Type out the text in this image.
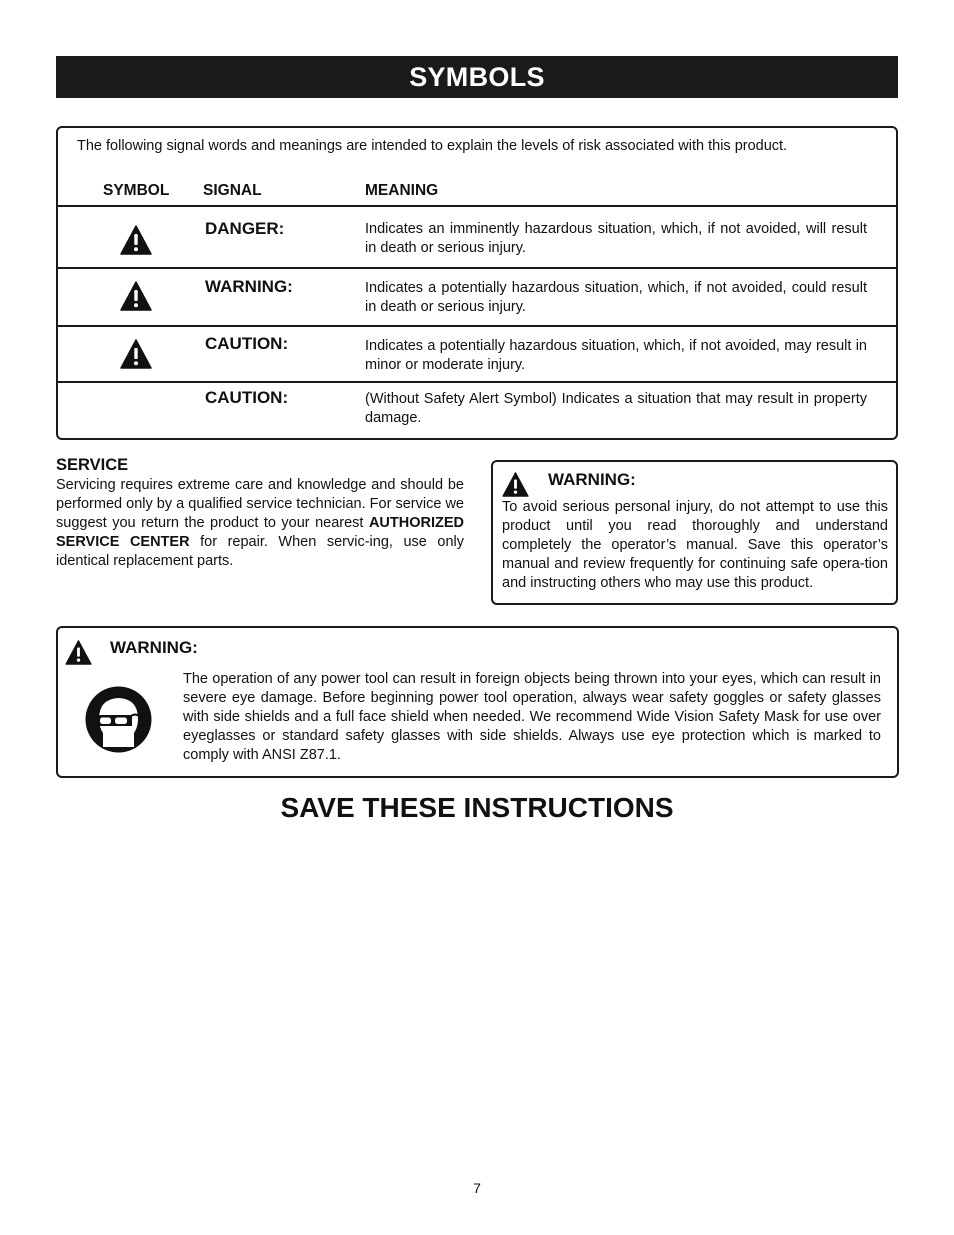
SYMBOLS
The following signal words and meanings are intended to explain the levels of risk associated with this product.
SYMBOL SIGNAL	MEANING
DANGER:	Indicates an imminently hazardous situation, which, if not avoided, will result in death or serious injury.
WARNING:	Indicates a potentially hazardous situation, which, if not avoided, could result in death or serious injury.
CAUTION:	Indicates a potentially hazardous situation, which, if not avoided, may result in minor or moderate injury.
CAUTION:	(Without Safety Alert Symbol) Indicates a situation that may result in property damage.
SERVICE
Servicing requires extreme care and knowledge and should be performed only by a qualified service technician. For service we suggest you return the product to your nearest AUTHORIZED SERVICE CENTER for repair. When servic-ing, use only identical replacement parts.
WARNING:
To avoid serious personal injury, do not attempt to use this product until you read thoroughly and understand completely the operator’s manual. Save this operator’s manual and review frequently for continuing safe opera-tion and instructing others who may use this product.
WARNING:
The operation of any power tool can result in foreign objects being thrown into your eyes, which can result in severe eye damage. Before beginning power tool operation, always wear safety goggles or safety glasses with side shields and a full face shield when needed. We recommend Wide Vision Safety Mask for use over eyeglasses or standard safety glasses with side shields. Always use eye protection which is marked to comply with ANSI Z87.1.
SAVE THESE INSTRUCTIONS
7
